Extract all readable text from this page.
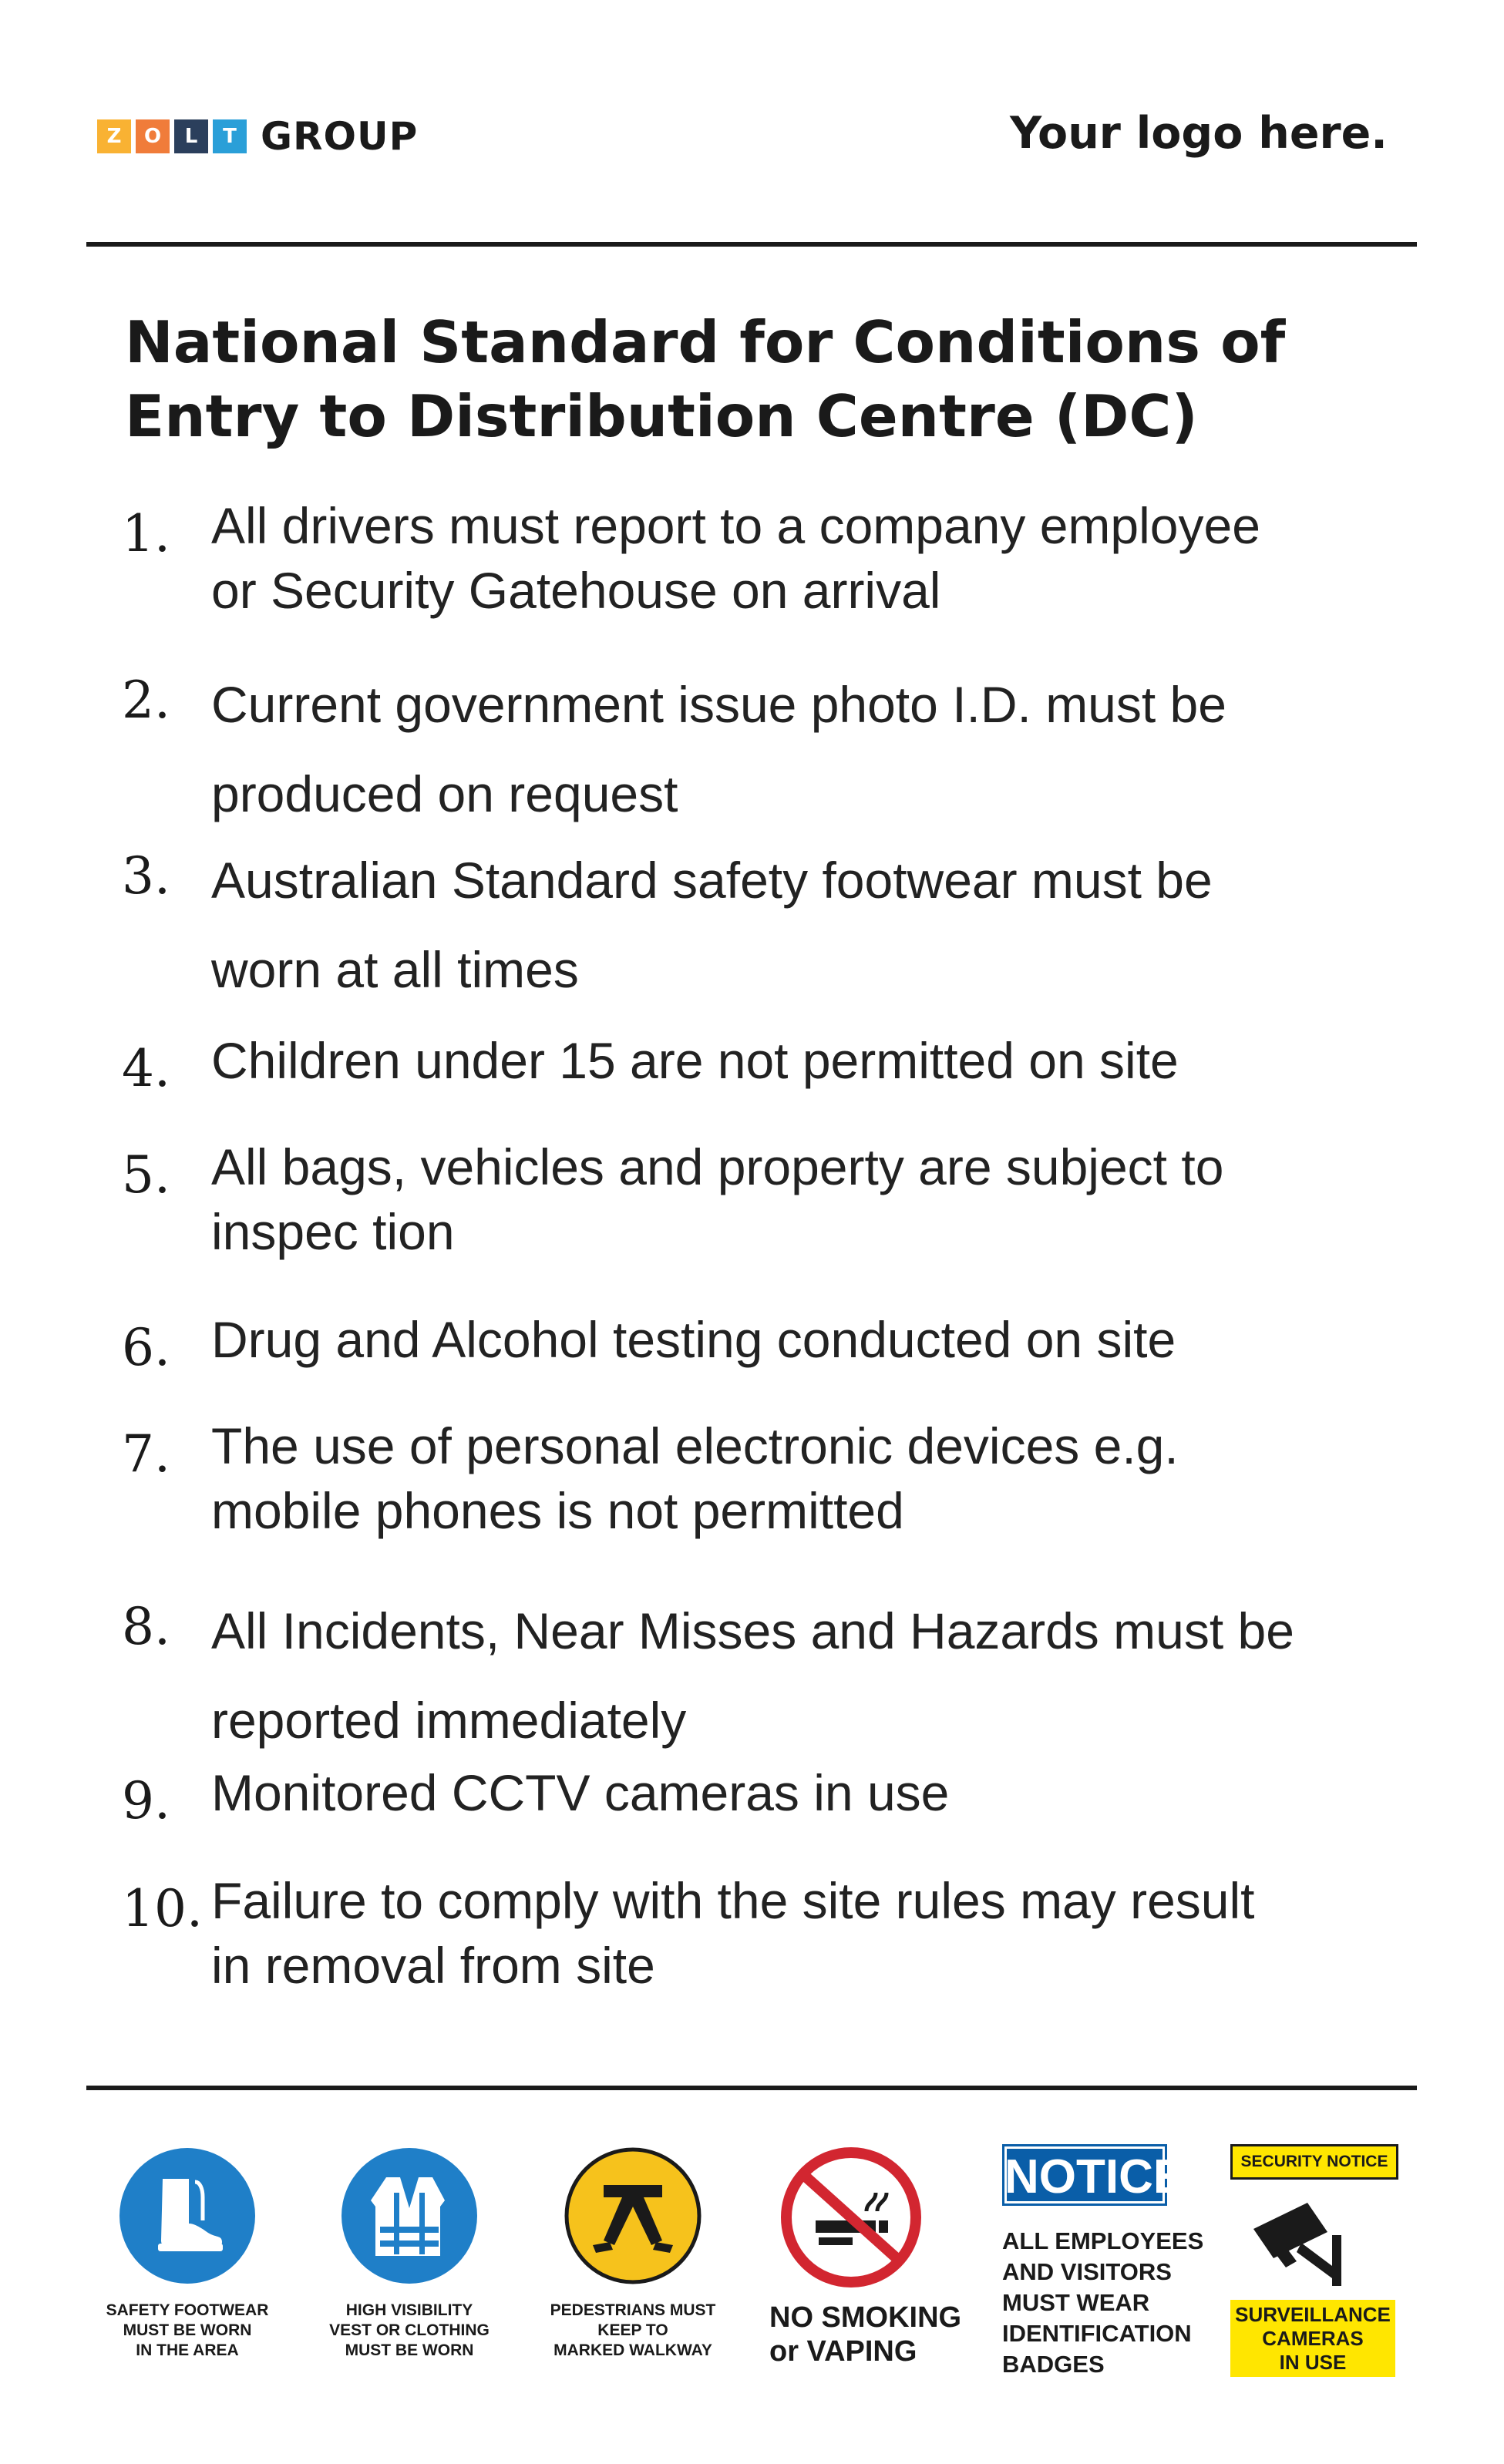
Z	O	L	T GROUP	Your logo here.
National Standard for Conditions of Entry to Distribution Centre (DC)
1. All drivers must report to a company employee
or Security Gatehouse on arrival
2. Current government issue photo I.D. must be
produced on request
3. Australian Standard safety footwear must be
worn at all times
4. Children under 15 are not permitted on site
5. All bags, vehicles and property are subject to
inspec tion
6. Drug and Alcohol testing conducted on site
7. The use of personal electronic devices e.g.
mobile phones is not permitted
8. All Incidents, Near Misses and Hazards must be
reported immediately
9. Monitored CCTV cameras in use
10. Failure to comply with the site rules may result
in removal from site
SAFETY FOOTWEAR
MUST BE WORN
IN THE AREA
HIGH VISIBILITY
VEST OR CLOTHING
MUST BE WORN
PEDESTRIANS MUST
KEEP TO
MARKED WALKWAY
NO SMOKING
or VAPING
NOTICE
ALL EMPLOYEES
AND VISITORS
MUST WEAR
IDENTIFICATION
BADGES
SECURITY NOTICE
SURVEILLANCE
CAMERAS
IN USE
